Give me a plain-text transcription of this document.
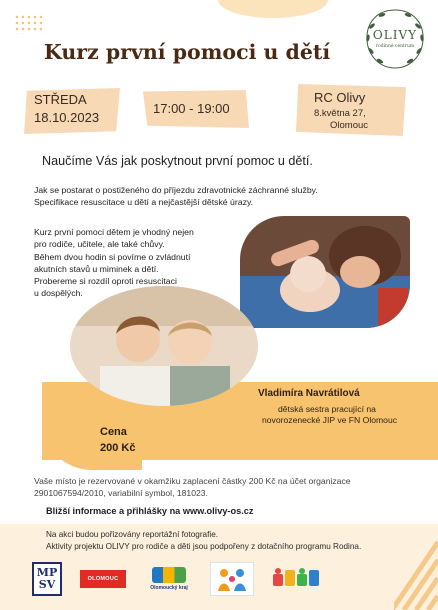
OLIVY
rodinné centrum
Kurz první pomoci u dětí
STŘEDA
18.10.2023
17:00 - 19:00
RC Olivy
8.května 27,
Olomouc
Naučíme Vás jak poskytnout první pomoc u dětí.
Jak se postarat o postiženého do příjezdu zdravotnické záchranné služby.
Specifikace resuscitace u dětí a nejčastější dětské úrazy.
Kurz první pomoci dětem je vhodný nejen
pro rodiče, učitele, ale také chůvy.
Během dvou hodin si povíme o zvládnutí
akutních stavů u miminek a dětí.
Probereme si rozdíl oproti resuscitaci
u dospělých.
Vladimíra Navrátilová
dětská sestra pracující na
novorozenecké JIP ve FN Olomouc
Cena
200 Kč
Vaše místo je rezervované v okamžiku zaplacení částky 200 Kč na účet organizace
2901067594/2010, variabilní symbol, 181023.
Bližší informace a přihlášky na www.olivy-os.cz
Na akci budou pořizovány reportážní fotografie.
Aktivity projektu OLIVY pro rodiče a děti jsou podpořeny z dotačního programu Rodina.
MP
SV	OLOMOUC
Olomoucký kraj
